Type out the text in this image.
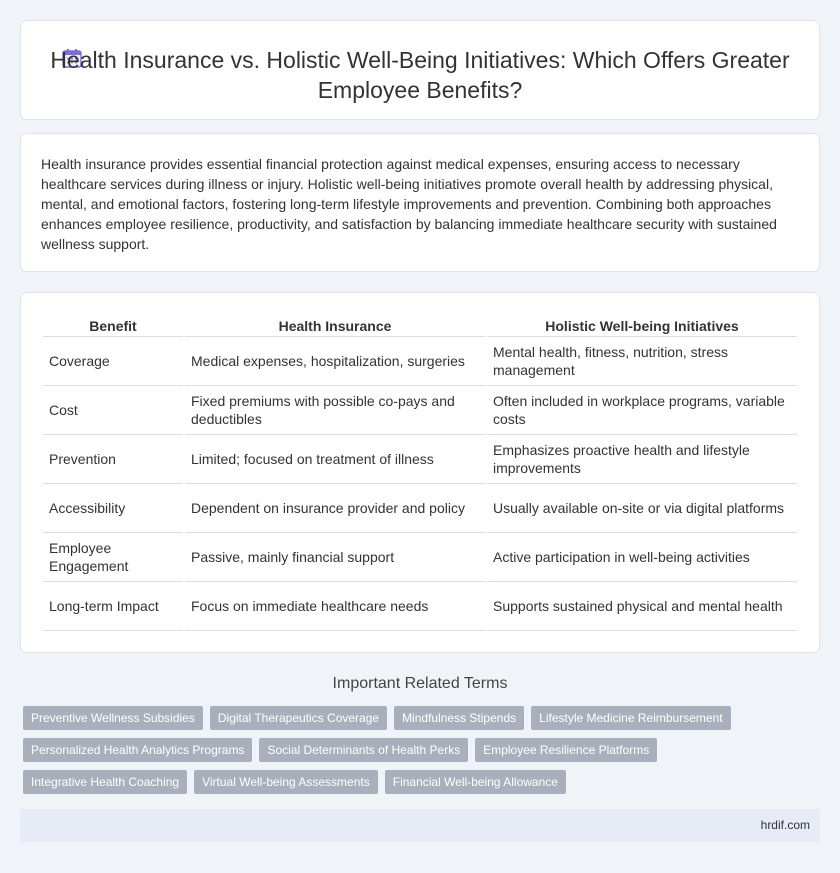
Health Insurance vs. Holistic Well-Being Initiatives: Which Offers Greater Employee Benefits?

Health insurance provides essential financial protection against medical expenses, ensuring access to necessary healthcare services during illness or injury. Holistic well-being initiatives promote overall health by addressing physical, mental, and emotional factors, fostering long-term lifestyle improvements and prevention. Combining both approaches enhances employee resilience, productivity, and satisfaction by balancing immediate healthcare security with sustained wellness support.

Benefit	Health Insurance	Holistic Well-being Initiatives
Coverage	Medical expenses, hospitalization, surgeries	Mental health, fitness, nutrition, stress management
Cost	Fixed premiums with possible co-pays and deductibles	Often included in workplace programs, variable costs
Prevention	Limited; focused on treatment of illness	Emphasizes proactive health and lifestyle improvements
Accessibility	Dependent on insurance provider and policy	Usually available on-site or via digital platforms
Employee Engagement	Passive, mainly financial support	Active participation in well-being activities
Long-term Impact	Focus on immediate healthcare needs	Supports sustained physical and mental health
Important Related Terms
Preventive Wellness Subsidies	Digital Therapeutics Coverage	Mindfulness Stipends	Lifestyle Medicine Reimbursement
Personalized Health Analytics Programs	Social Determinants of Health Perks	Employee Resilience Platforms
Integrative Health Coaching	Virtual Well-being Assessments	Financial Well-being Allowance
hrdif.com
